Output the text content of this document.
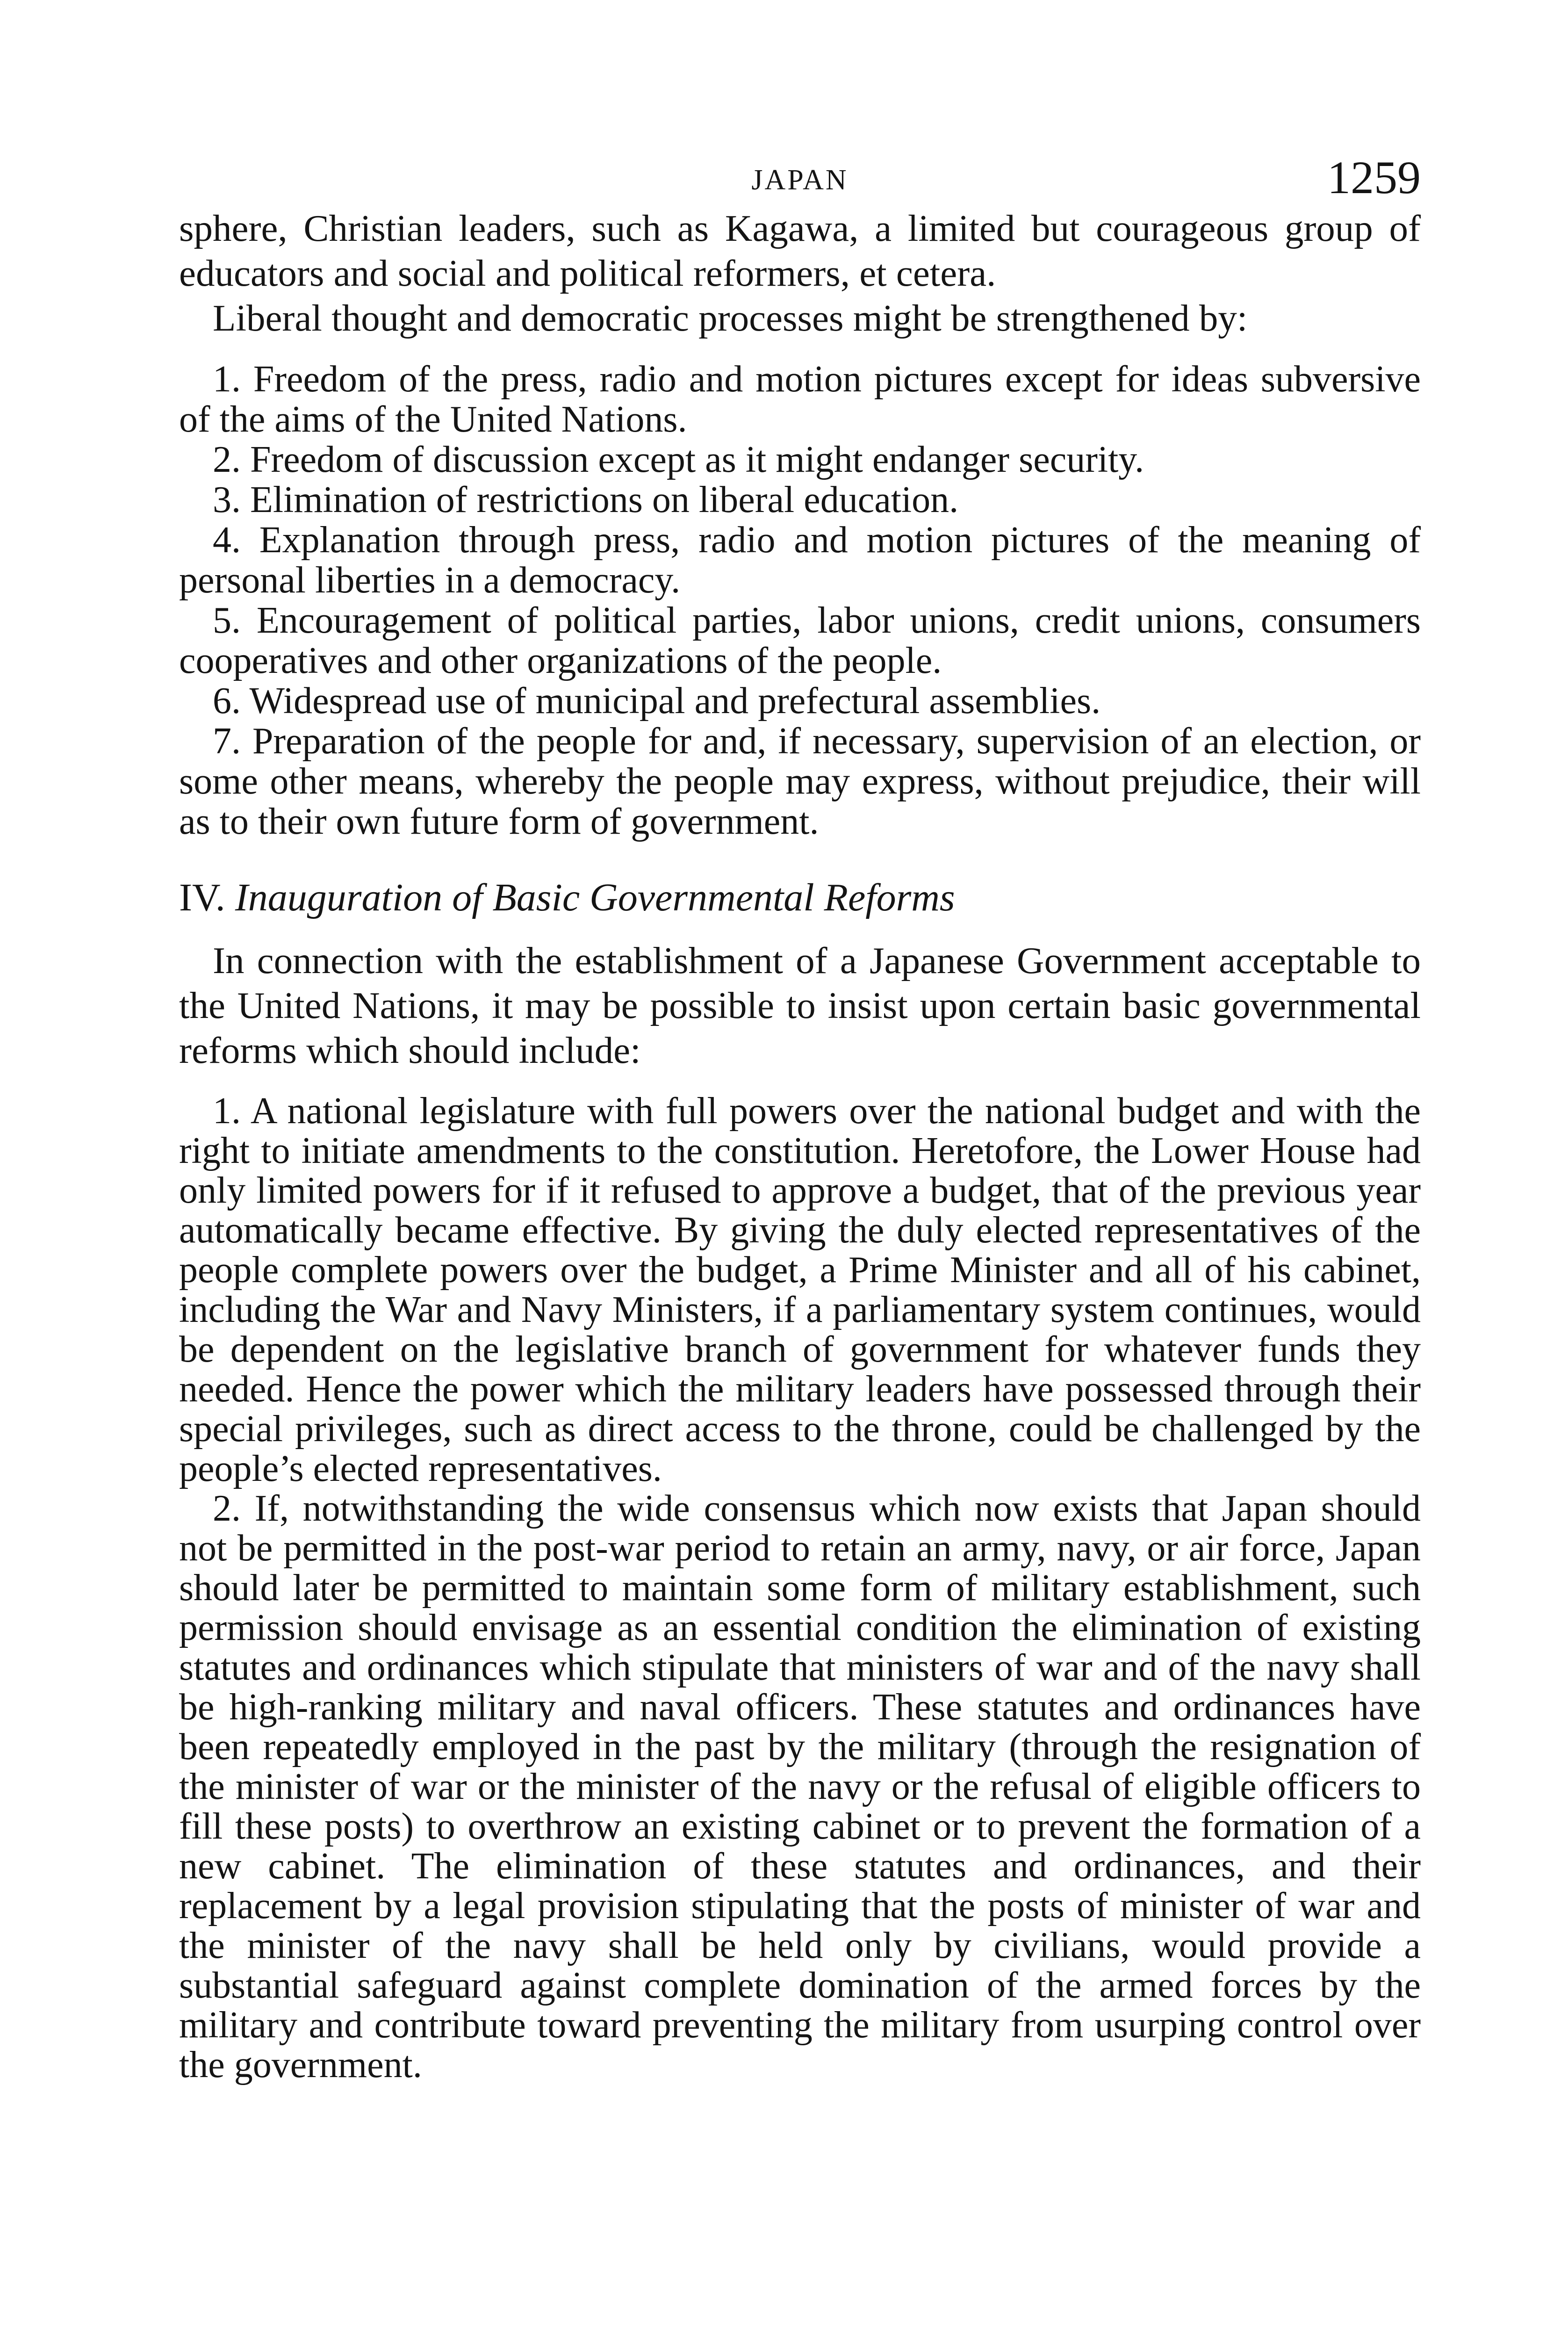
JAPAN	1259

sphere, Christian leaders, such as Kagawa, a limited but courageous group of educators and social and political reformers, et cetera.

Liberal thought and democratic processes might be strengthened by:

1. Freedom of the press, radio and motion pictures except for ideas subversive of the aims of the United Nations.

2. Freedom of discussion except as it might endanger security.

3. Elimination of restrictions on liberal education.

4. Explanation through press, radio and motion pictures of the meaning of personal liberties in a democracy.

5. Encouragement of political parties, labor unions, credit unions, consumers cooperatives and other organizations of the people.

6. Widespread use of municipal and prefectural assemblies.

7. Preparation of the people for and, if necessary, supervision of an election, or some other means, whereby the people may express, without prejudice, their will as to their own future form of government.

IV. Inauguration of Basic Governmental Reforms

In connection with the establishment of a Japanese Government acceptable to the United Nations, it may be possible to insist upon certain basic governmental reforms which should include:

1. A national legislature with full powers over the national budget and with the right to initiate amendments to the constitution. Heretofore, the Lower House had only limited powers for if it refused to approve a budget, that of the previous year automatically became effective. By giving the duly elected representatives of the people complete powers over the budget, a Prime Minister and all of his cabinet, including the War and Navy Ministers, if a parliamentary system continues, would be dependent on the legislative branch of government for whatever funds they needed. Hence the power which the military leaders have possessed through their special privileges, such as direct access to the throne, could be challenged by the people’s elected representatives.

2. If, notwithstanding the wide consensus which now exists that Japan should not be permitted in the post-war period to retain an army, navy, or air force, Japan should later be permitted to maintain some form of military establishment, such permission should envisage as an essential condition the elimination of existing statutes and ordinances which stipulate that ministers of war and of the navy shall be high-ranking military and naval officers. These statutes and ordinances have been repeatedly employed in the past by the military (through the resignation of the minister of war or the minister of the navy or the refusal of eligible officers to fill these posts) to overthrow an existing cabinet or to prevent the formation of a new cabinet. The elimination of these statutes and ordinances, and their replacement by a legal provision stipulating that the posts of minister of war and the minister of the navy shall be held only by civilians, would provide a substantial safeguard against complete domination of the armed forces by the military and contribute toward preventing the military from usurping control over the government.
